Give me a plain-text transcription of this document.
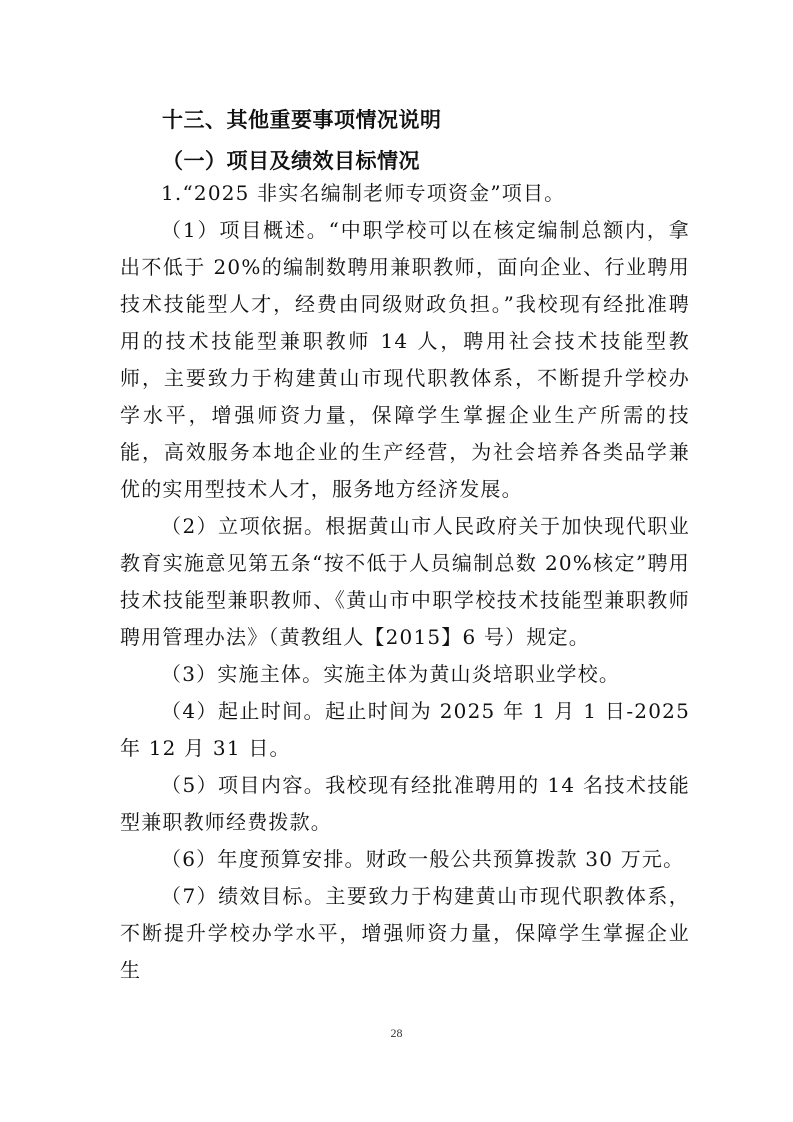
十三、其他重要事项情况说明
（一）项目及绩效目标情况

1.“2025 非实名编制老师专项资金”项目。

（1）项目概述。“中职学校可以在核定编制总额内，拿出不低于 20%的编制数聘用兼职教师，面向企业、行业聘用技术技能型人才，经费由同级财政负担。”我校现有经批准聘用的技术技能型兼职教师 14 人，聘用社会技术技能型教师，主要致力于构建黄山市现代职教体系，不断提升学校办学水平，增强师资力量，保障学生掌握企业生产所需的技能，高效服务本地企业的生产经营，为社会培养各类品学兼优的实用型技术人才，服务地方经济发展。

（2）立项依据。根据黄山市人民政府关于加快现代职业教育实施意见第五条“按不低于人员编制总数 20%核定”聘用技术技能型兼职教师、《黄山市中职学校技术技能型兼职教师聘用管理办法》（黄教组人【2015】6 号）规定。

（3）实施主体。实施主体为黄山炎培职业学校。

（4）起止时间。起止时间为 2025 年 1 月 1 日-2025 年 12 月 31 日。

（5）项目内容。我校现有经批准聘用的 14 名技术技能型兼职教师经费拨款。

（6）年度预算安排。财政一般公共预算拨款 30 万元。

（7）绩效目标。主要致力于构建黄山市现代职教体系，不断提升学校办学水平，增强师资力量，保障学生掌握企业生

28
